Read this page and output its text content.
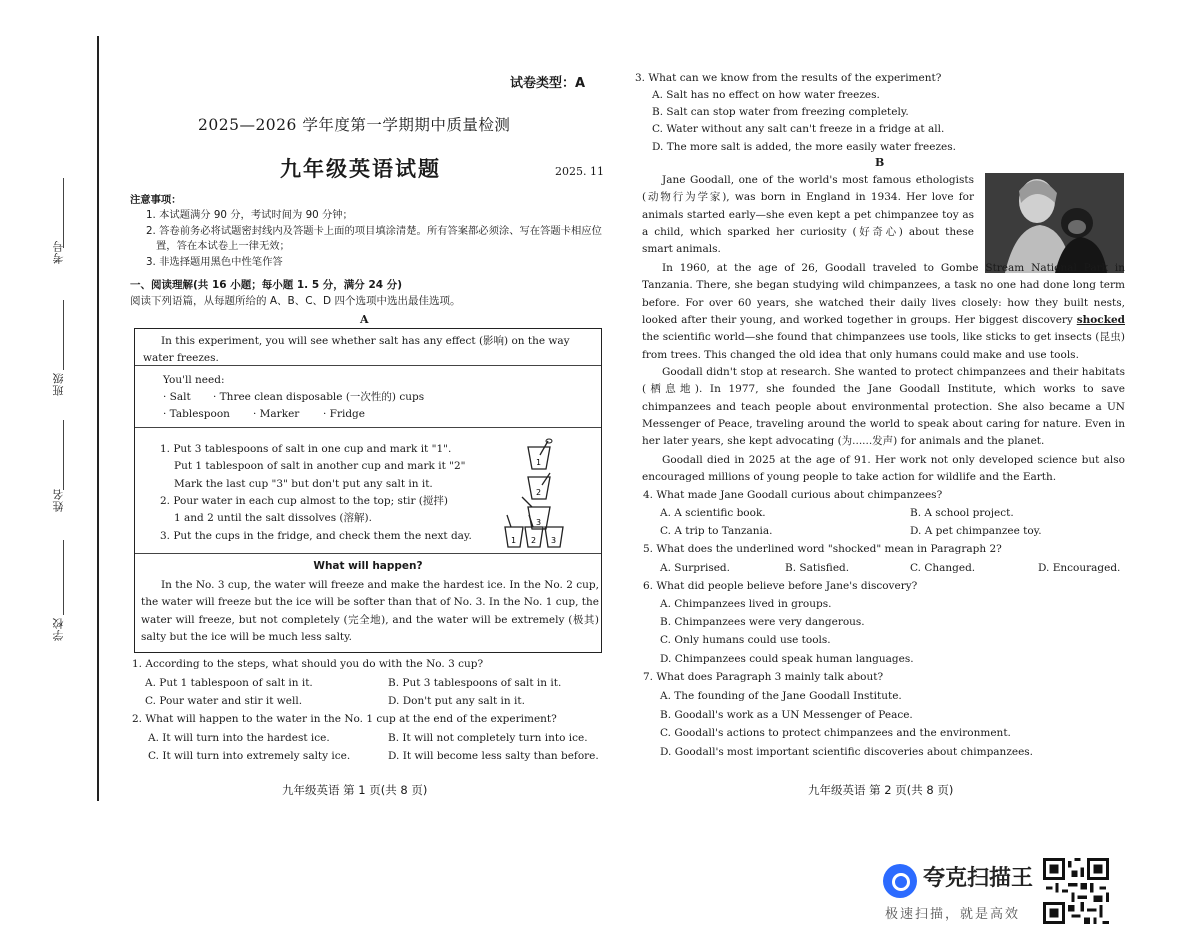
考号
班级
姓名
学校
试卷类型：A
2025—2026 学年度第一学期期中质量检测
九年级英语试题	2025. 11
注意事项：
1. 本试题满分 90 分，考试时间为 90 分钟；
2. 答卷前务必将试题密封线内及答题卡上面的项目填涂清楚。所有答案都必须涂、写在答题卡相应位置，答在本试卷上一律无效；
3. 非选择题用黑色中性笔作答
一、阅读理解(共 16 小题；每小题 1. 5 分，满分 24 分)
阅读下列语篇，从每题所给的 A、B、C、D 四个选项中选出最佳选项。
A
In this experiment, you will see whether salt has any effect (影响) on the way water freezes.
You'll need:
· Salt	· Three clean disposable (一次性的) cups
· Tablespoon	· Marker	· Fridge
1. Put 3 tablespoons of salt in one cup and mark it "1".
Put 1 tablespoon of salt in another cup and mark it "2"
Mark the last cup "3" but don't put any salt in it.
2. Pour water in each cup almost to the top; stir (搅拌)
1 and 2 until the salt dissolves (溶解).
3. Put the cups in the fridge, and check them the next day.
1
2
3
1 2 3
What will happen?
In the No. 3 cup, the water will freeze and make the hardest ice. In the No. 2 cup, the water will freeze but the ice will be softer than that of No. 3. In the No. 1 cup, the water will freeze, but not completely (完全地), and the water will be extremely (极其) salty but the ice will be much less salty.
1. According to the steps, what should you do with the No. 3 cup?
A. Put 1 tablespoon of salt in it.	B. Put 3 tablespoons of salt in it.
C. Pour water and stir it well.	D. Don't put any salt in it.
2. What will happen to the water in the No. 1 cup at the end of the experiment?
A. It will turn into the hardest ice.	B. It will not completely turn into ice.
C. It will turn into extremely salty ice.	D. It will become less salty than before.
九年级英语 第 1 页(共 8 页)
3. What can we know from the results of the experiment?
A. Salt has no effect on how water freezes.
B. Salt can stop water from freezing completely.
C. Water without any salt can't freeze in a fridge at all.
D. The more salt is added, the more easily water freezes.
B
Jane Goodall, one of the world's most famous ethologists (动物行为学家), was born in England in 1934. Her love for animals started early—she even kept a pet chimpanzee toy as a child, which sparked her curiosity (好奇心) about these smart animals.
In 1960, at the age of 26, Goodall traveled to Gombe Stream National Park in Tanzania. There, she began studying wild chimpanzees, a task no one had done long term before. For over 60 years, she watched their daily lives closely: how they built nests, looked after their young, and worked together in groups. Her biggest discovery shocked the scientific world—she found that chimpanzees use tools, like sticks to get insects (昆虫) from trees. This changed the old idea that only humans could make and use tools.
Goodall didn't stop at research. She wanted to protect chimpanzees and their habitats (栖息地). In 1977, she founded the Jane Goodall Institute, which works to save chimpanzees and teach people about environmental protection. She also became a UN Messenger of Peace, traveling around the world to speak about caring for nature. Even in her later years, she kept advocating (为......发声) for animals and the planet.
Goodall died in 2025 at the age of 91. Her work not only developed science but also encouraged millions of young people to take action for wildlife and the Earth.
4. What made Jane Goodall curious about chimpanzees?
A. A scientific book.	B. A school project.
C. A trip to Tanzania.	D. A pet chimpanzee toy.
5. What does the underlined word "shocked" mean in Paragraph 2?
A. Surprised.	B. Satisfied.	C. Changed.	D. Encouraged.
6. What did people believe before Jane's discovery?
A. Chimpanzees lived in groups.
B. Chimpanzees were very dangerous.
C. Only humans could use tools.
D. Chimpanzees could speak human languages.
7. What does Paragraph 3 mainly talk about?
A. The founding of the Jane Goodall Institute.
B. Goodall's work as a UN Messenger of Peace.
C. Goodall's actions to protect chimpanzees and the environment.
D. Goodall's most important scientific discoveries about chimpanzees.
九年级英语 第 2 页(共 8 页)
夸克扫描王
极速扫描，就是高效
